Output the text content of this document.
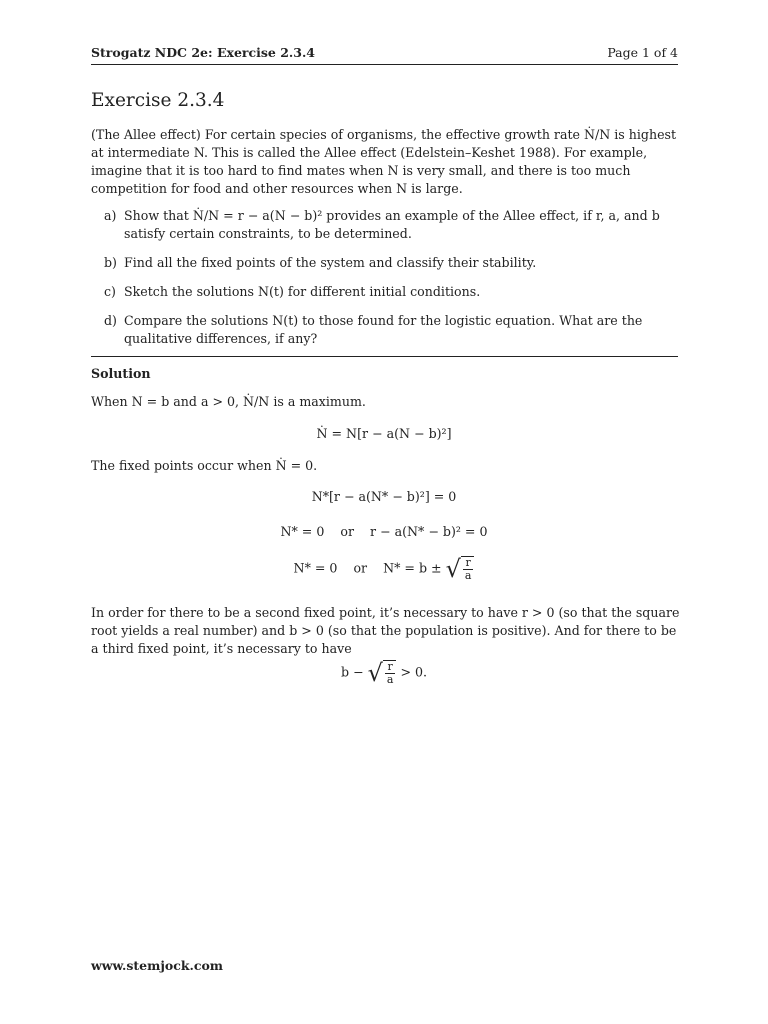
Strogatz NDC 2e: Exercise 2.3.4	Page 1 of 4
Exercise 2.3.4
(The Allee effect) For certain species of organisms, the effective growth rate Ṅ/N is highest at intermediate N. This is called the Allee effect (Edelstein–Keshet 1988). For example, imagine that it is too hard to find mates when N is very small, and there is too much competition for food and other resources when N is large.
a) Show that Ṅ/N = r − a(N − b)² provides an example of the Allee effect, if r, a, and b satisfy certain constraints, to be determined.
b) Find all the fixed points of the system and classify their stability.
c) Sketch the solutions N(t) for different initial conditions.
d) Compare the solutions N(t) to those found for the logistic equation. What are the qualitative differences, if any?
Solution
When N = b and a > 0, Ṅ/N is a maximum.
Ṅ = N[r − a(N − b)²]
The fixed points occur when Ṅ = 0.
N*[r − a(N* − b)²] = 0
N* = 0 or r − a(N* − b)² = 0
N* = 0 or N* = b ± √ $\frac{r}{a}$
In order for there to be a second fixed point, it’s necessary to have r > 0 (so that the square root yields a real number) and b > 0 (so that the population is positive). And for there to be a third fixed point, it’s necessary to have
b − √ $\frac{r}{a} > 0$.
www.stemjock.com
